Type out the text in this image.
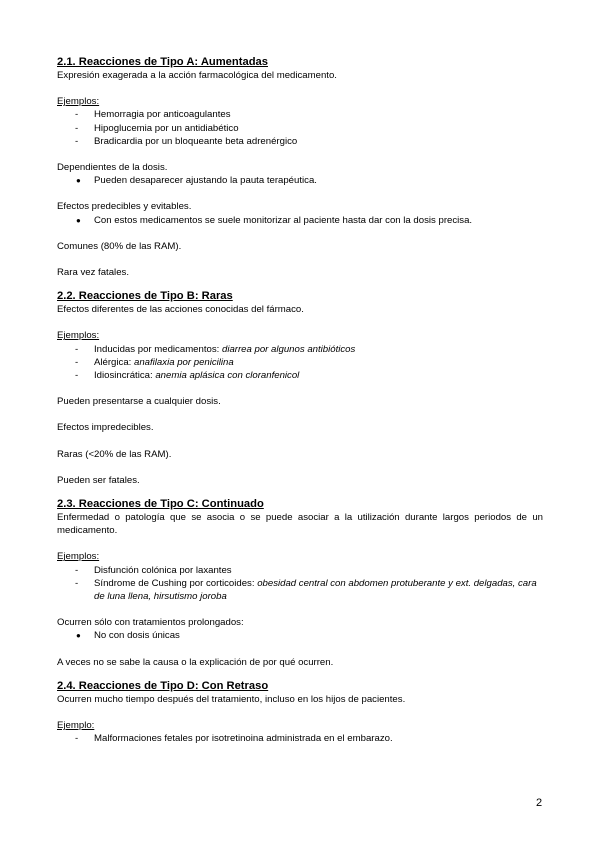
2.1. Reacciones de Tipo A: Aumentadas

Expresión exagerada a la acción farmacológica del medicamento.

Ejemplos:

-	Hemorragia por anticoagulantes
-	Hipoglucemia por un antidiabético
-	Bradicardia por un bloqueante beta adrenérgico

Dependientes de la dosis.

●	Pueden desaparecer ajustando la pauta terapéutica.

Efectos predecibles y evitables.

●	Con estos medicamentos se suele monitorizar al paciente hasta dar con la dosis precisa.

Comunes (80% de las RAM).

Rara vez fatales.

2.2. Reacciones de Tipo B: Raras

Efectos diferentes de las acciones conocidas del fármaco.

Ejemplos:

-	Inducidas por medicamentos: diarrea por algunos antibióticos
-	Alérgica: anafilaxia por penicilina
-	Idiosincrática: anemia aplásica con cloranfenicol

Pueden presentarse a cualquier dosis.

Efectos impredecibles.

Raras (<20% de las RAM).

Pueden ser fatales.

2.3. Reacciones de Tipo C: Continuado

Enfermedad o patología que se asocia o se puede asociar a la utilización durante largos periodos de un medicamento.

Ejemplos:

-	Disfunción colónica por laxantes
-	Síndrome de Cushing por corticoides: obesidad central con abdomen protuberante y ext. delgadas, cara de luna llena, hirsutismo joroba

Ocurren sólo con tratamientos prolongados:

●	No con dosis únicas

A veces no se sabe la causa o la explicación de por qué ocurren.

2.4. Reacciones de Tipo D: Con Retraso

Ocurren mucho tiempo después del tratamiento, incluso en los hijos de pacientes.

Ejemplo:

-	Malformaciones fetales por isotretinoina administrada en el embarazo.
2
